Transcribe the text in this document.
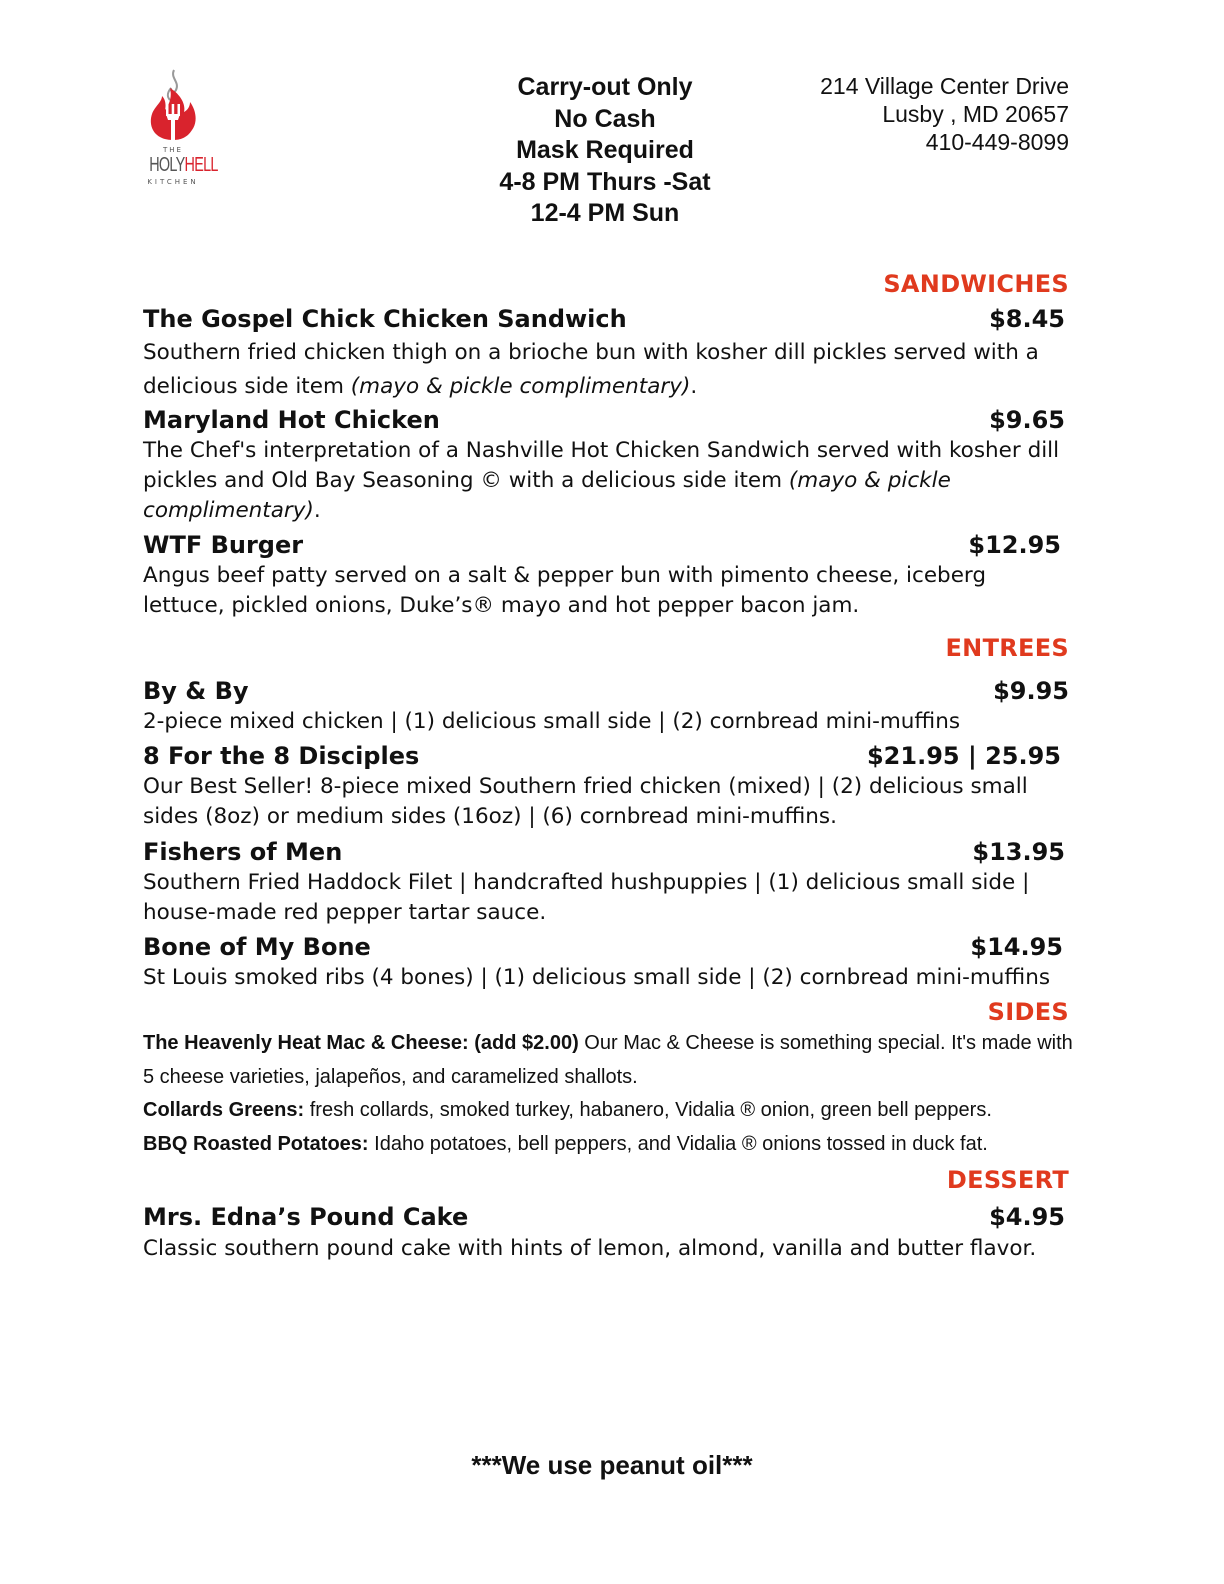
THE
HOLYHELL
KITCHEN
Carry-out Only
No Cash
Mask Required
4-8 PM Thurs -Sat
12-4 PM Sun
214 Village Center Drive
Lusby , MD 20657
410-449-8099
SANDWICHES
The Gospel Chick Chicken Sandwich	$8.45
Southern fried chicken thigh on a brioche bun with kosher dill pickles served with a delicious side item (mayo & pickle complimentary).
Maryland Hot Chicken	$9.65
The Chef's interpretation of a Nashville Hot Chicken Sandwich served with kosher dill pickles and Old Bay Seasoning © with a delicious side item (mayo & pickle complimentary).
WTF Burger	$12.95
Angus beef patty served on a salt & pepper bun with pimento cheese, iceberg lettuce, pickled onions, Duke’s® mayo and hot pepper bacon jam.
ENTREES
By & By	$9.95
2-piece mixed chicken | (1) delicious small side | (2) cornbread mini-muffins
8 For the 8 Disciples	$21.95 | 25.95
Our Best Seller! 8-piece mixed Southern fried chicken (mixed) | (2) delicious small sides (8oz) or medium sides (16oz) | (6) cornbread mini-muffins.
Fishers of Men	$13.95
Southern Fried Haddock Filet | handcrafted hushpuppies | (1) delicious small side | house-made red pepper tartar sauce.
Bone of My Bone	$14.95
St Louis smoked ribs (4 bones) | (1) delicious small side | (2) cornbread mini-muffins
SIDES
The Heavenly Heat Mac & Cheese: (add $2.00) Our Mac & Cheese is something special. It's made with 5 cheese varieties, jalapeños, and caramelized shallots.
Collards Greens: fresh collards, smoked turkey, habanero, Vidalia ® onion, green bell peppers.
BBQ Roasted Potatoes: Idaho potatoes, bell peppers, and Vidalia ® onions tossed in duck fat.
DESSERT
Mrs. Edna’s Pound Cake	$4.95
Classic southern pound cake with hints of lemon, almond, vanilla and butter flavor.
***We use peanut oil***
